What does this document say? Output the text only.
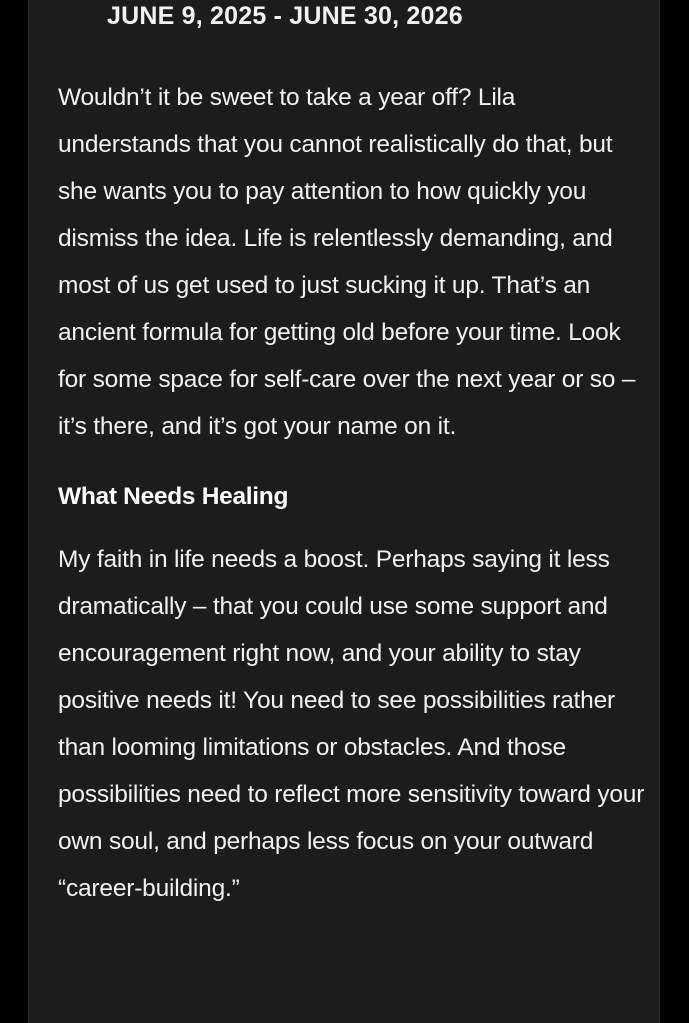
JUNE 9, 2025 - JUNE 30, 2026

Wouldn’t it be sweet to take a year off? Lila understands that you cannot realistically do that, but she wants you to pay attention to how quickly you dismiss the idea. Life is relentlessly demanding, and most of us get used to just sucking it up. That’s an ancient formula for getting old before your time. Look for some space for self-care over the next year or so – it’s there, and it’s got your name on it.

What Needs Healing

My faith in life needs a boost. Perhaps saying it less dramatically – that you could use some support and encouragement right now, and your ability to stay positive needs it! You need to see possibilities rather than looming limitations or obstacles. And those possibilities need to reflect more sensitivity toward your own soul, and perhaps less focus on your outward “career-building.”
